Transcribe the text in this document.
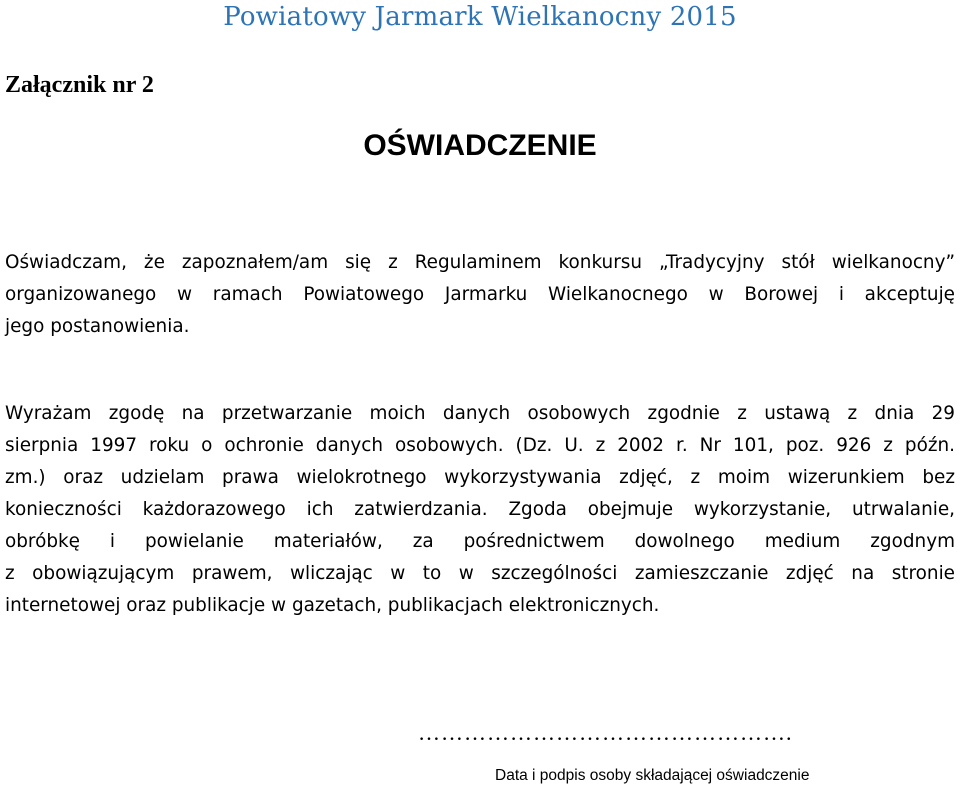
Powiatowy Jarmark Wielkanocny 2015
Załącznik nr 2
OŚWIADCZENIE
Oświadczam, że zapoznałem/am się z Regulaminem konkursu „Tradycyjny stół wielkanocny”
organizowanego w ramach Powiatowego Jarmarku Wielkanocnego w Borowej i akceptuję
jego postanowienia.
Wyrażam zgodę na przetwarzanie moich danych osobowych zgodnie z ustawą z dnia 29
sierpnia 1997 roku o ochronie danych osobowych. (Dz. U. z 2002 r. Nr 101, poz. 926 z późn.
zm.) oraz udzielam prawa wielokrotnego wykorzystywania zdjęć, z moim wizerunkiem bez
konieczności każdorazowego ich zatwierdzania. Zgoda obejmuje wykorzystanie, utrwalanie,
obróbkę i powielanie materiałów, za pośrednictwem dowolnego medium zgodnym
z obowiązującym prawem, wliczając w to w szczególności zamieszczanie zdjęć na stronie
internetowej oraz publikacje w gazetach, publikacjach elektronicznych.
………………………………………….
Data i podpis osoby składającej oświadczenie
